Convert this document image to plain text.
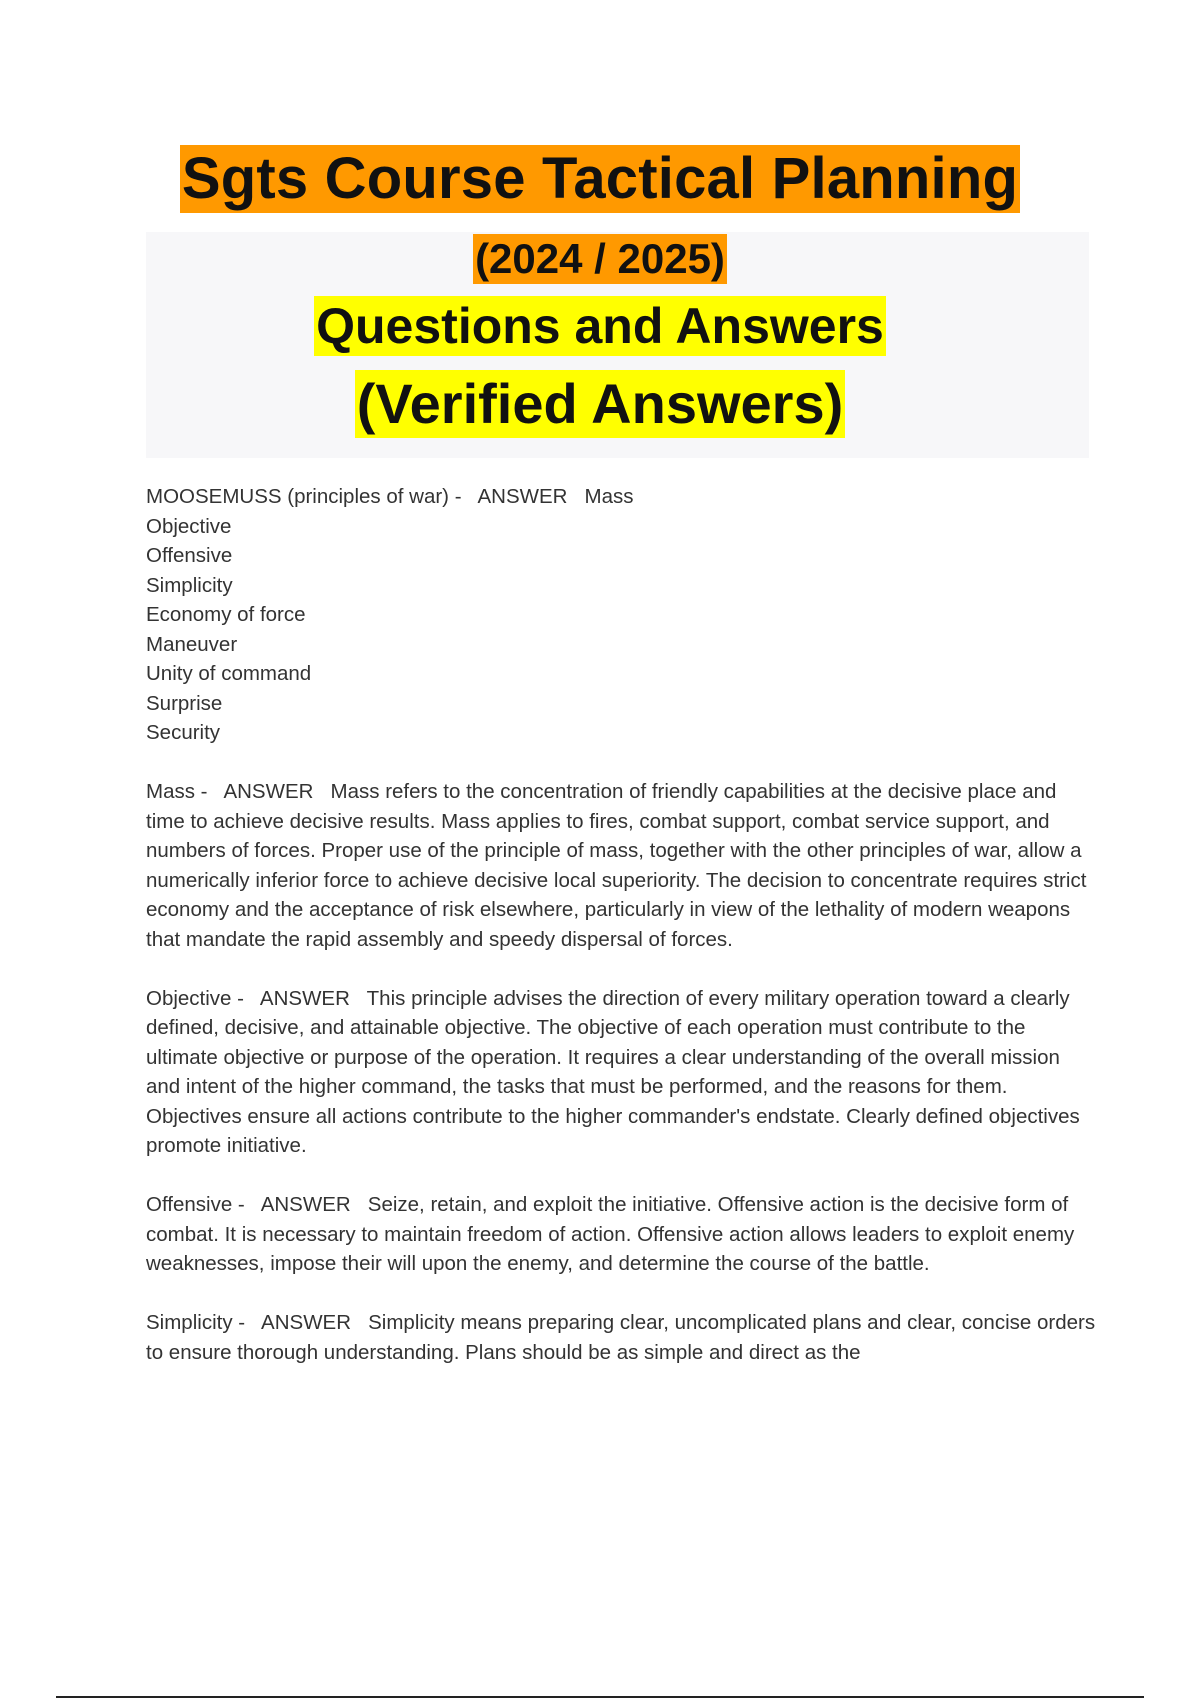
Sgts Course Tactical Planning
(2024 / 2025)
Questions and Answers
(Verified Answers)
MOOSEMUSS (principles of war) -   ANSWER   Mass
Objective
Offensive
Simplicity
Economy of force
Maneuver
Unity of command
Surprise
Security
Mass -   ANSWER   Mass refers to the concentration of friendly capabilities at the decisive place and time to achieve decisive results. Mass applies to fires, combat support, combat service support, and numbers of forces. Proper use of the principle of mass, together with the other principles of war, allow a numerically inferior force to achieve decisive local superiority. The decision to concentrate requires strict economy and the acceptance of risk elsewhere, particularly in view of the lethality of modern weapons that mandate the rapid assembly and speedy dispersal of forces.
Objective -   ANSWER   This principle advises the direction of every military operation toward a clearly defined, decisive, and attainable objective. The objective of each operation must contribute to the ultimate objective or purpose of the operation. It requires a clear understanding of the overall mission and intent of the higher command, the tasks that must be performed, and the reasons for them. Objectives ensure all actions contribute to the higher commander's endstate. Clearly defined objectives promote initiative.
Offensive -   ANSWER   Seize, retain, and exploit the initiative. Offensive action is the decisive form of combat. It is necessary to maintain freedom of action. Offensive action allows leaders to exploit enemy weaknesses, impose their will upon the enemy, and determine the course of the battle.
Simplicity -   ANSWER   Simplicity means preparing clear, uncomplicated plans and clear, concise orders to ensure thorough understanding. Plans should be as simple and direct as the
